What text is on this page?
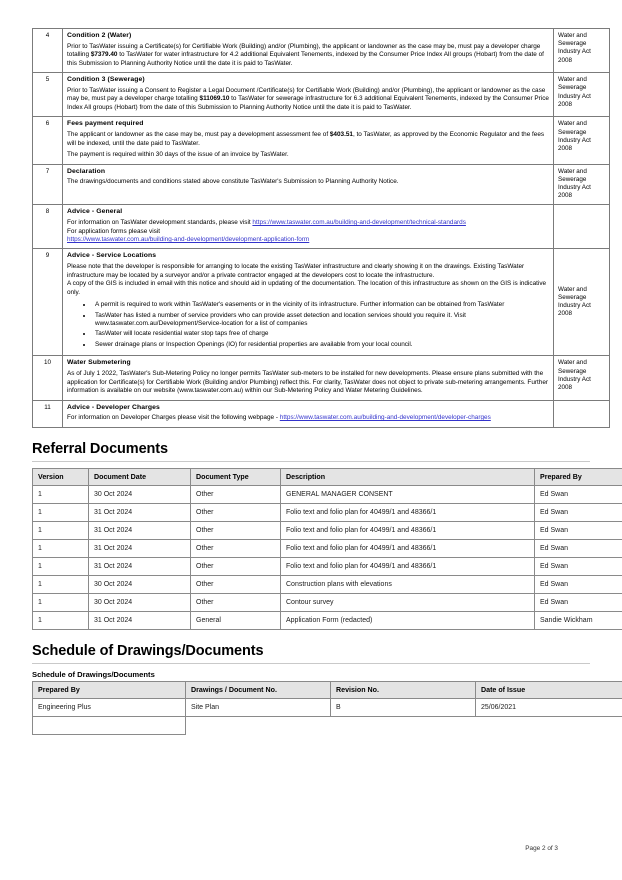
4	Condition 2 (Water)

Prior to TasWater issuing a Certificate(s) for Certifiable Work (Building) and/or (Plumbing), the applicant or landowner as the case may be, must pay a developer charge totalling $7379.40 to TasWater for water infrastructure for 4.2 additional Equivalent Tenements, indexed by the Consumer Price Index All groups (Hobart) from the date of this Submission to Planning Authority Notice until the date it is paid to TasWater.	Water and Sewerage Industry Act 2008
5	Condition 3 (Sewerage)

Prior to TasWater issuing a Consent to Register a Legal Document /Certificate(s) for Certifiable Work (Building) and/or (Plumbing), the applicant or landowner as the case may be, must pay a developer charge totalling $11069.10 to TasWater for sewerage infrastructure for 6.3 additional Equivalent Tenements, indexed by the Consumer Price Index All groups (Hobart) from the date of this Submission to Planning Authority Notice until the date it is paid to TasWater.	Water and Sewerage Industry Act 2008
6	Fees payment required

The applicant or landowner as the case may be, must pay a development assessment fee of $403.51, to TasWater, as approved by the Economic Regulator and the fees will be indexed, until the date paid to TasWater.

The payment is required within 30 days of the issue of an invoice by TasWater.	Water and Sewerage Industry Act 2008
7	Declaration

The drawings/documents and conditions stated above constitute TasWater's Submission to Planning Authority Notice.	Water and Sewerage Industry Act 2008
8	Advice - General

For information on TasWater development standards, please visit https://www.taswater.com.au/building-and-development/technical-standards

For application forms please visit
https://www.taswater.com.au/building-and-development/development-application-form	

9	Advice - Service Locations

Please note that the developer is responsible for arranging to locate the existing TasWater infrastructure and clearly showing it on the drawings. Existing TasWater infrastructure may be located by a surveyor and/or a private contractor engaged at the developers cost to locate the infrastructure.

A copy of the GIS is included in email with this notice and should aid in updating of the documentation. The location of this infrastructure as shown on the GIS is indicative only.

• A permit is required to work within TasWater's easements or in the vicinity of its infrastructure. Further information can be obtained from TasWater
• TasWater has listed a number of service providers who can provide asset detection and location services should you require it. Visit www.taswater.com.au/Development/Service-location for a list of companies
• TasWater will locate residential water stop taps free of charge
• Sewer drainage plans or Inspection Openings (IO) for residential properties are available from your local council.
	Water and Sewerage Industry Act 2008
10	Water Submetering

As of July 1 2022, TasWater's Sub-Metering Policy no longer permits TasWater sub-meters to be installed for new developments. Please ensure plans submitted with the application for Certificate(s) for Certifiable Work (Building and/or Plumbing) reflect this. For clarity, TasWater does not object to private sub-metering arrangements. Further information is available on our website (www.taswater.com.au) within our Sub-Metering Policy and Water Metering Guidelines.	Water and Sewerage Industry Act 2008
11	Advice - Developer Charges

For information on Developer Charges please visit the following webpage - https://www.taswater.com.au/building-and-development/developer-charges	

Referral Documents
Version	Document Date	Document Type	Description	Prepared By
1	30 Oct 2024	Other	GENERAL MANAGER CONSENT	Ed Swan
1	31 Oct 2024	Other	Folio text and folio plan for 40499/1 and 48366/1	Ed Swan
1	31 Oct 2024	Other	Folio text and folio plan for 40499/1 and 48366/1	Ed Swan
1	31 Oct 2024	Other	Folio text and folio plan for 40499/1 and 48366/1	Ed Swan
1	31 Oct 2024	Other	Folio text and folio plan for 40499/1 and 48366/1	Ed Swan
1	30 Oct 2024	Other	Construction plans with elevations	Ed Swan
1	30 Oct 2024	Other	Contour survey	Ed Swan
1	31 Oct 2024	General	Application Form (redacted)	Sandie Wickham
Schedule of Drawings/Documents
Schedule of Drawings/Documents
Prepared By	Drawings / Document No.	Revision No.	Date of Issue
Engineering Plus	Site Plan	B	25/06/2021

Page 2 of 3
